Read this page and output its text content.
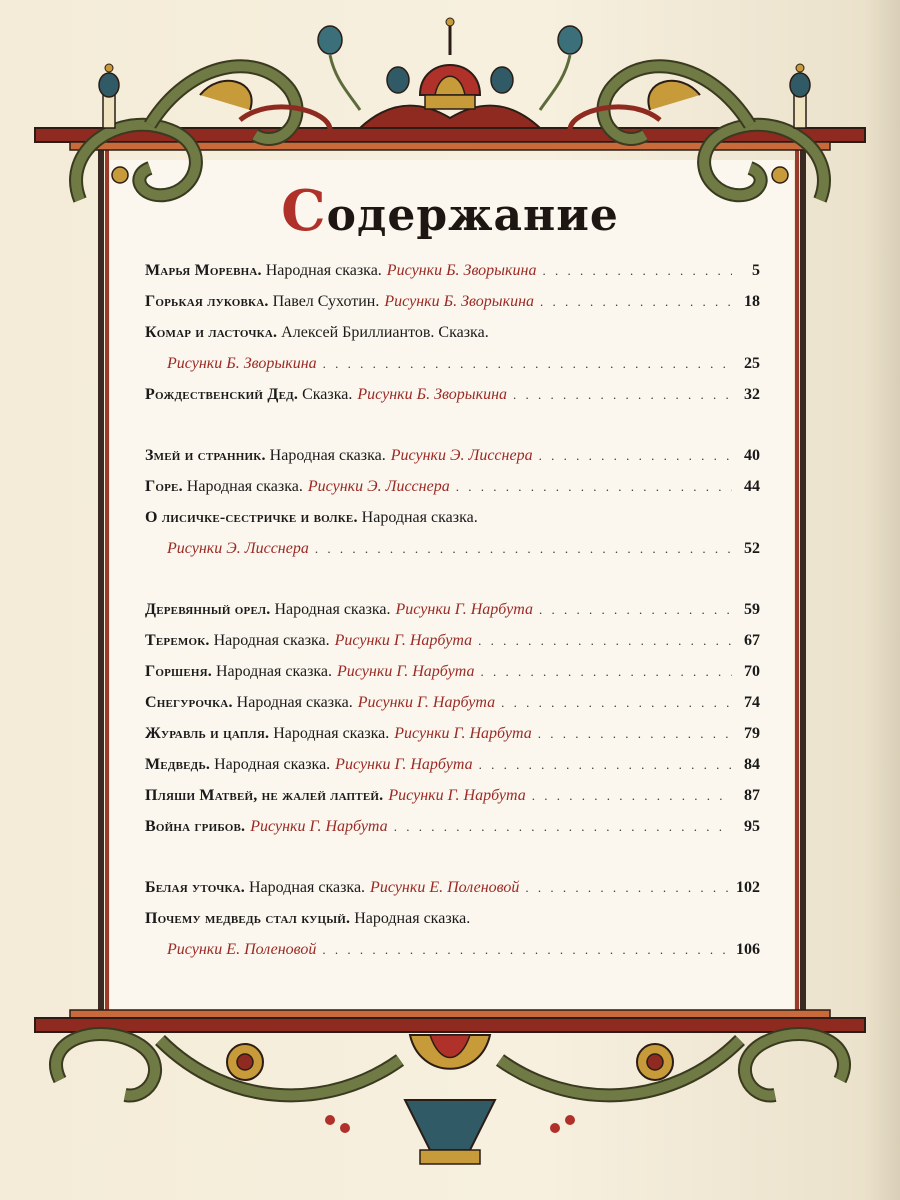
Содержание
Марья Моревна. Народная сказка. Рисунки Б. Зворыкина . . .	5
Горькая луковка. Павел Сухотин. Рисунки Б. Зворыкина . . .	18
Комар и ласточка. Алексей Бриллиантов. Сказка.
Рисунки Б. Зворыкина . . .	25
Рождественский Дед. Сказка. Рисунки Б. Зворыкина . . .	32
Змей и странник. Народная сказка. Рисунки Э. Лисснера . . .	40
Горе. Народная сказка. Рисунки Э. Лисснера . . .	44
О лисичке-сестричке и волке. Народная сказка.
Рисунки Э. Лисснера . . .	52
Деревянный орел. Народная сказка. Рисунки Г. Нарбута . . .	59
Теремок. Народная сказка. Рисунки Г. Нарбута . . .	67
Горшеня. Народная сказка. Рисунки Г. Нарбута . . .	70
Снегурочка. Народная сказка. Рисунки Г. Нарбута . . .	74
Журавль и цапля. Народная сказка. Рисунки Г. Нарбута . . .	79
Медведь. Народная сказка. Рисунки Г. Нарбута . . .	84
Пляши Матвей, не жалей лаптей. Рисунки Г. Нарбута . . .	87
Война грибов. Рисунки Г. Нарбута . . .	95
Белая уточка. Народная сказка. Рисунки Е. Поленовой . . .	102
Почему медведь стал куцый. Народная сказка.
Рисунки Е. Поленовой . . .	106
